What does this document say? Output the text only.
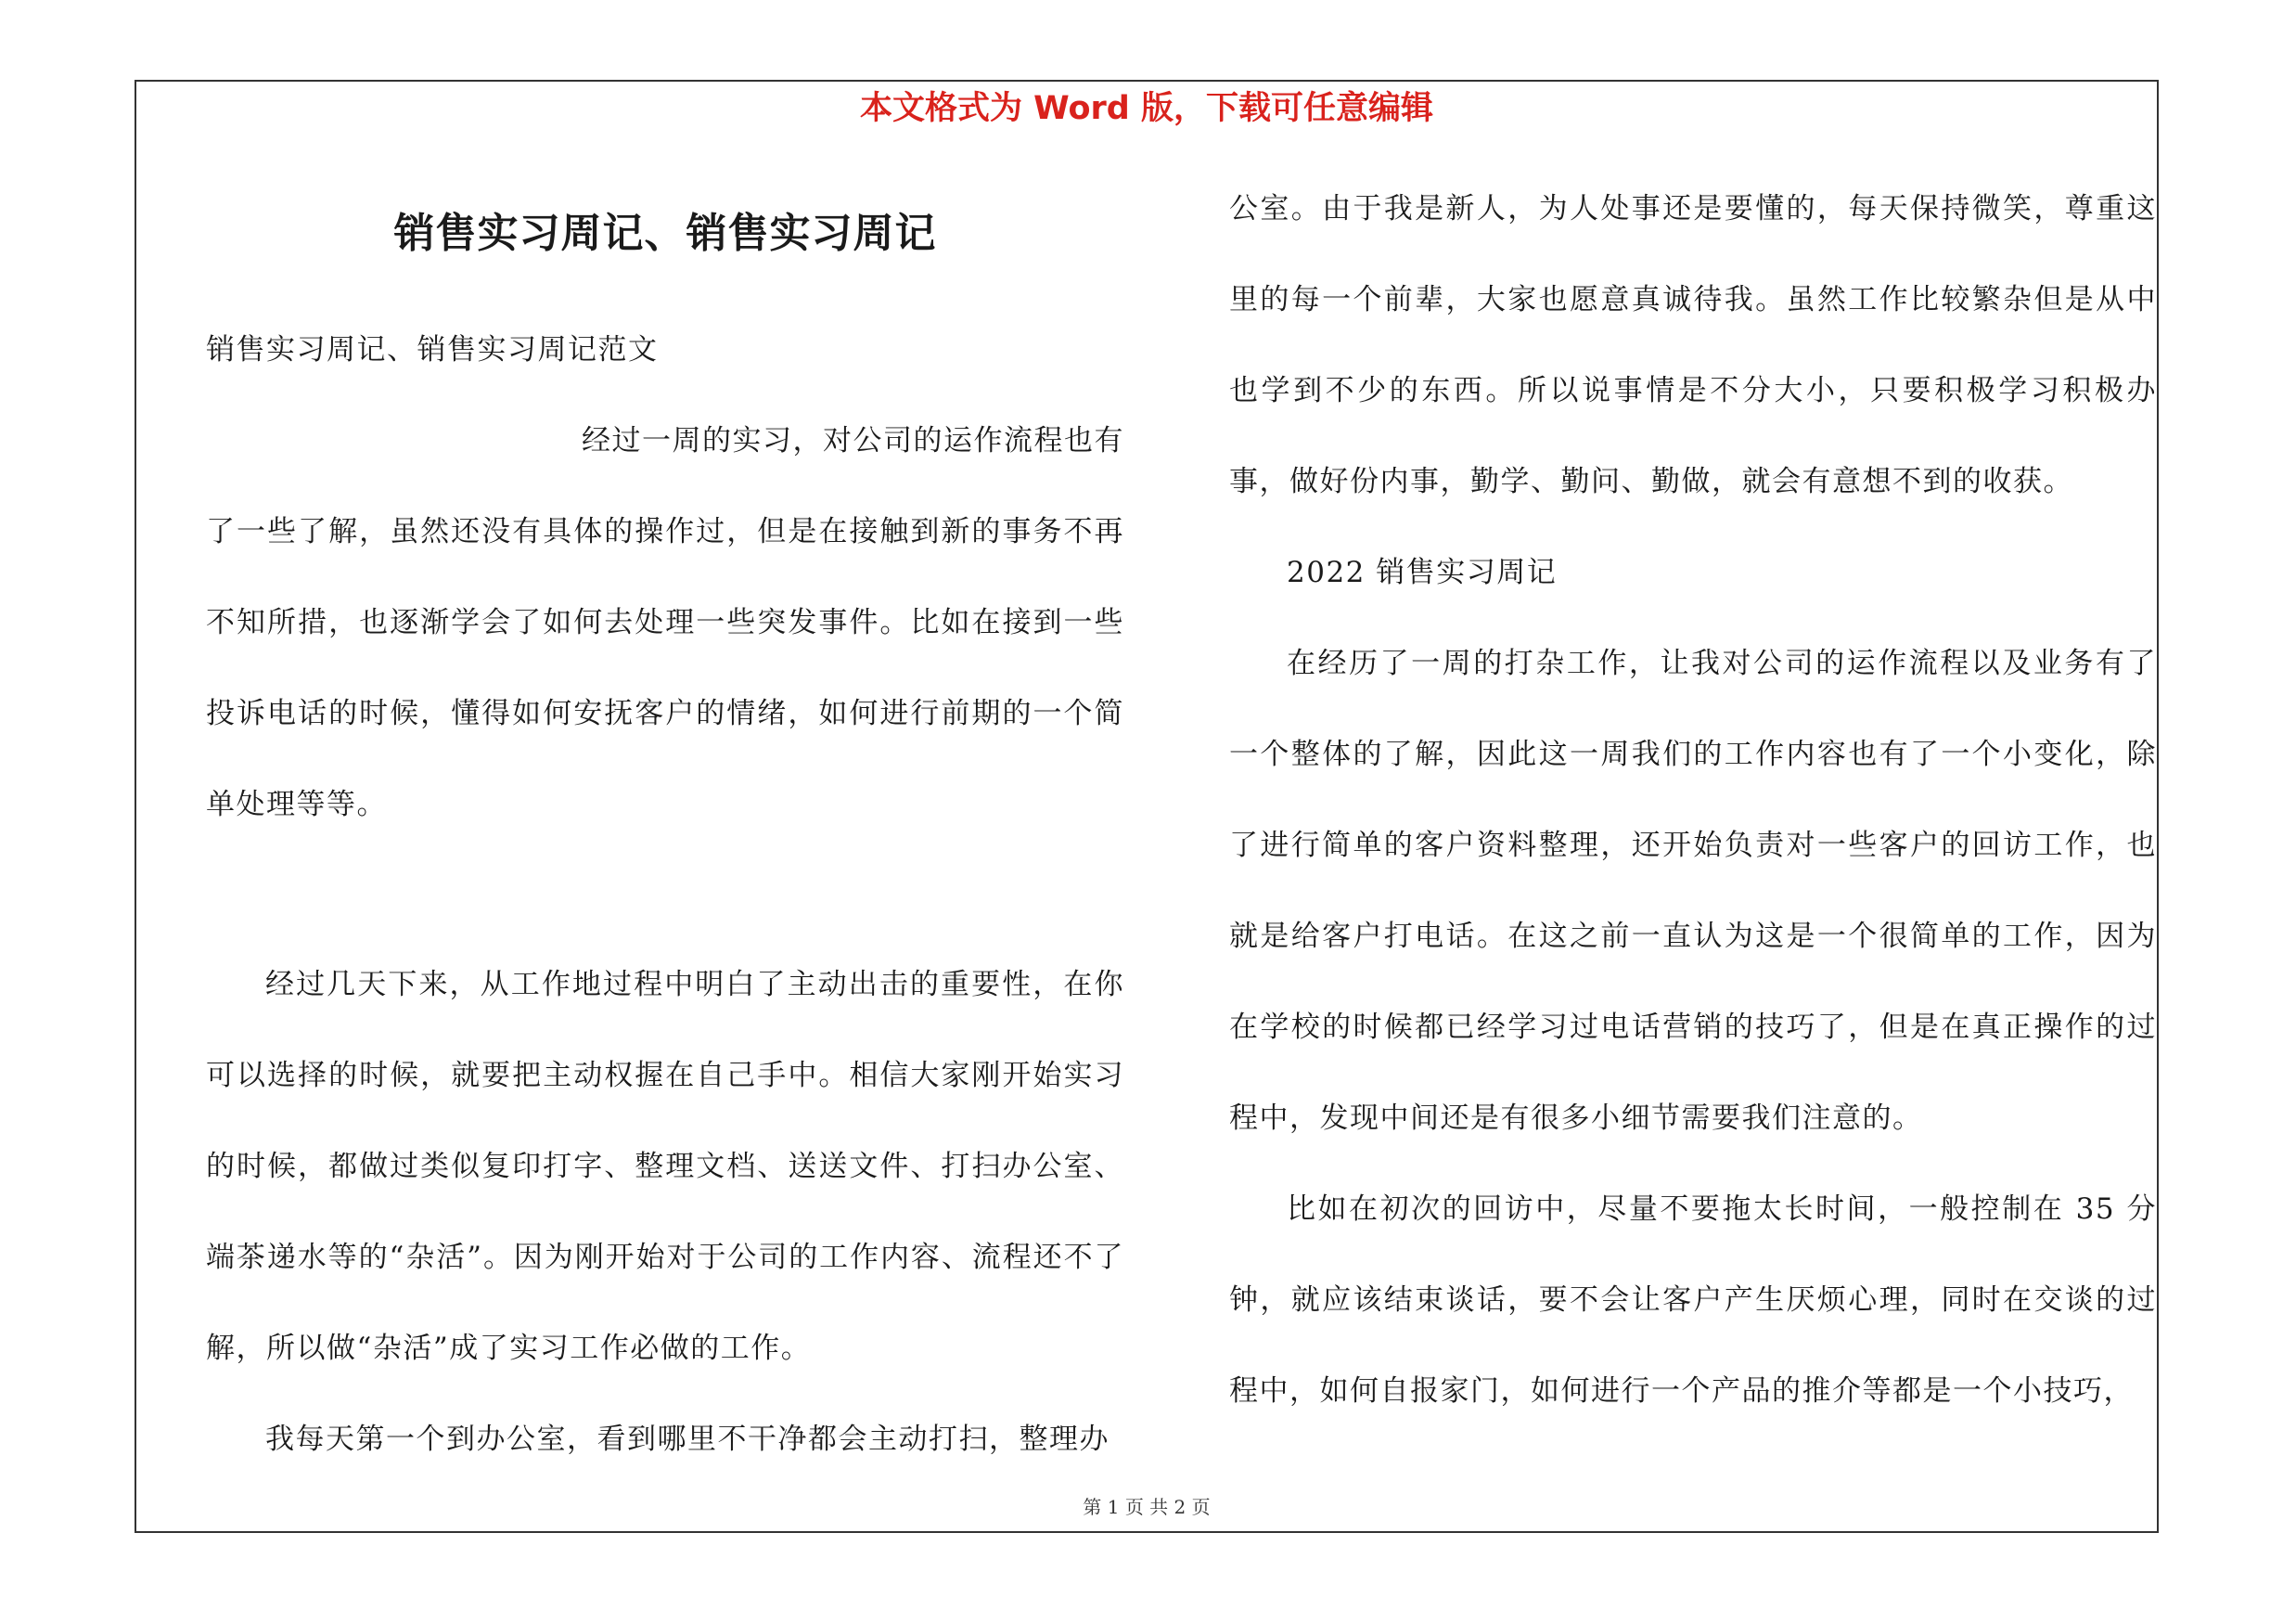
本文格式为 Word 版，下载可任意编辑
销售实习周记、销售实习周记

销售实习周记、销售实习周记范文

经过一周的实习，对公司的运作流程也有

了一些了解，虽然还没有具体的操作过，但是在接触到新的事务不再不知所措，也逐渐学会了如何去处理一些突发事件。比如在接到一些投诉电话的时候，懂得如何安抚客户的情绪，如何进行前期的一个简单处理等等。

经过几天下来，从工作地过程中明白了主动出击的重要性，在你可以选择的时候，就要把主动权握在自己手中。相信大家刚开始实习的时候，都做过类似复印打字、整理文档、送送文件、打扫办公室、端茶递水等的“杂活”。因为刚开始对于公司的工作内容、流程还不了解，所以做“杂活”成了实习工作必做的工作。

我每天第一个到办公室，看到哪里不干净都会主动打扫，整理办

公室。由于我是新人，为人处事还是要懂的，每天保持微笑，尊重这里的每一个前辈，大家也愿意真诚待我。虽然工作比较繁杂但是从中也学到不少的东西。所以说事情是不分大小，只要积极学习积极办事，做好份内事，勤学、勤问、勤做，就会有意想不到的收获。

2022 销售实习周记

在经历了一周的打杂工作，让我对公司的运作流程以及业务有了一个整体的了解，因此这一周我们的工作内容也有了一个小变化，除了进行简单的客户资料整理，还开始负责对一些客户的回访工作，也就是给客户打电话。在这之前一直认为这是一个很简单的工作，因为在学校的时候都已经学习过电话营销的技巧了，但是在真正操作的过程中，发现中间还是有很多小细节需要我们注意的。

比如在初次的回访中，尽量不要拖太长时间，一般控制在 35 分钟，就应该结束谈话，要不会让客户产生厌烦心理，同时在交谈的过程中，如何自报家门，如何进行一个产品的推介等都是一个小技巧，

第 1 页 共 2 页
